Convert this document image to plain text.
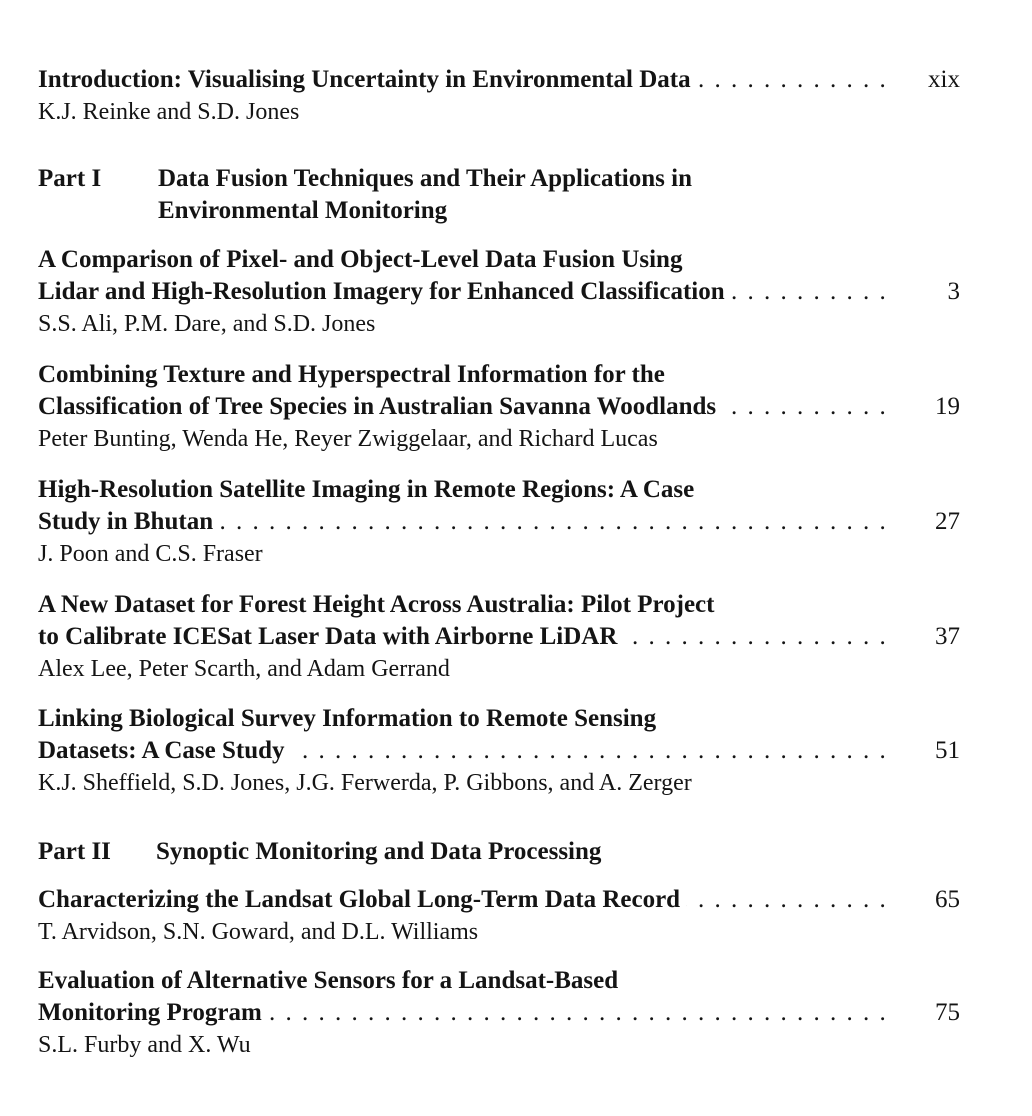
Introduction: Visualising Uncertainty in Environmental Data	xix
. . .
K.J. Reinke and S.D. Jones
Part I Data Fusion Techniques and Their Applications in Environmental Monitoring
A Comparison of Pixel- and Object-Level Data Fusion Using
Lidar and High-Resolution Imagery for Enhanced Classification	3
. . .
S.S. Ali, P.M. Dare, and S.D. Jones
Combining Texture and Hyperspectral Information for the
Classification of Tree Species in Australian Savanna Woodlands	19
. . .
Peter Bunting, Wenda He, Reyer Zwiggelaar, and Richard Lucas
High-Resolution Satellite Imaging in Remote Regions: A Case
Study in Bhutan	27
. . .
J. Poon and C.S. Fraser
A New Dataset for Forest Height Across Australia: Pilot Project
to Calibrate ICESat Laser Data with Airborne LiDAR	37
. . .
Alex Lee, Peter Scarth, and Adam Gerrand
Linking Biological Survey Information to Remote Sensing
Datasets: A Case Study	51
. . .
K.J. Sheffield, S.D. Jones, J.G. Ferwerda, P. Gibbons, and A. Zerger
Part II Synoptic Monitoring and Data Processing
Characterizing the Landsat Global Long-Term Data Record	65
. . .
T. Arvidson, S.N. Goward, and D.L. Williams
Evaluation of Alternative Sensors for a Landsat-Based
Monitoring Program	75
. . .
S.L. Furby and X. Wu
